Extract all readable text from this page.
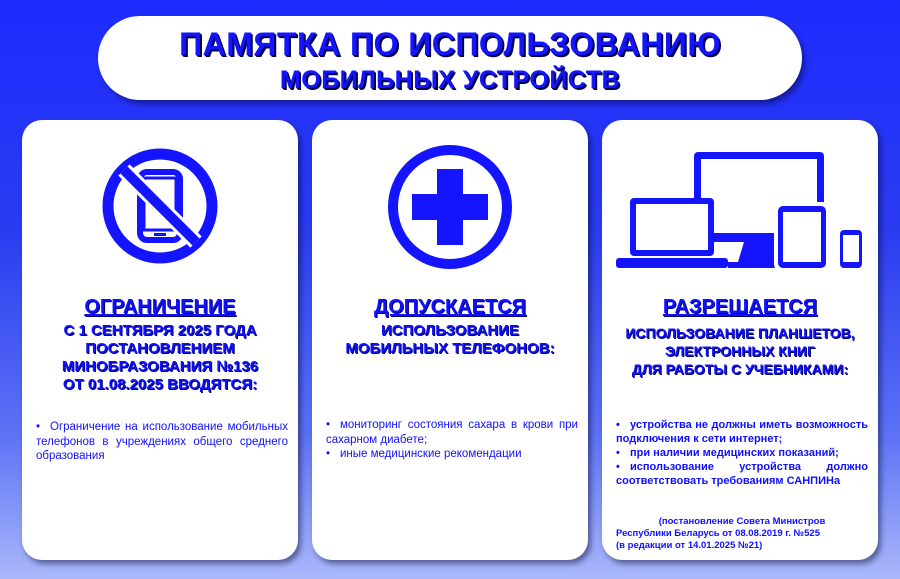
ПАМЯТКА ПО ИСПОЛЬЗОВАНИЮ
МОБИЛЬНЫХ УСТРОЙСТВ
ОГРАНИЧЕНИЕ
С 1 СЕНТЯБРЯ 2025 ГОДА
ПОСТАНОВЛЕНИЕМ
МИНОБРАЗОВАНИЯ №136
ОТ 01.08.2025 ВВОДЯТСЯ:
• Ограничение на использование мобильных телефонов в учреждениях общего среднего образования
ДОПУСКАЕТСЯ
ИСПОЛЬЗОВАНИЕ
МОБИЛЬНЫХ ТЕЛЕФОНОВ:
• мониторинг состояния сахара в крови при сахарном диабете;
• иные медицинские рекомендации
РАЗРЕШАЕТСЯ
ИСПОЛЬЗОВАНИЕ ПЛАНШЕТОВ,
ЭЛЕКТРОННЫХ КНИГ
ДЛЯ РАБОТЫ С УЧЕБНИКАМИ:
• устройства не должны иметь возможность подключения к сети интернет;
• при наличии медицинских показаний;
• использование устройства должно соответствовать требованиям САНПИНа
(постановление Совета Министров
Республики Беларусь от 08.08.2019 г. №525
(в редакции от 14.01.2025 №21)
